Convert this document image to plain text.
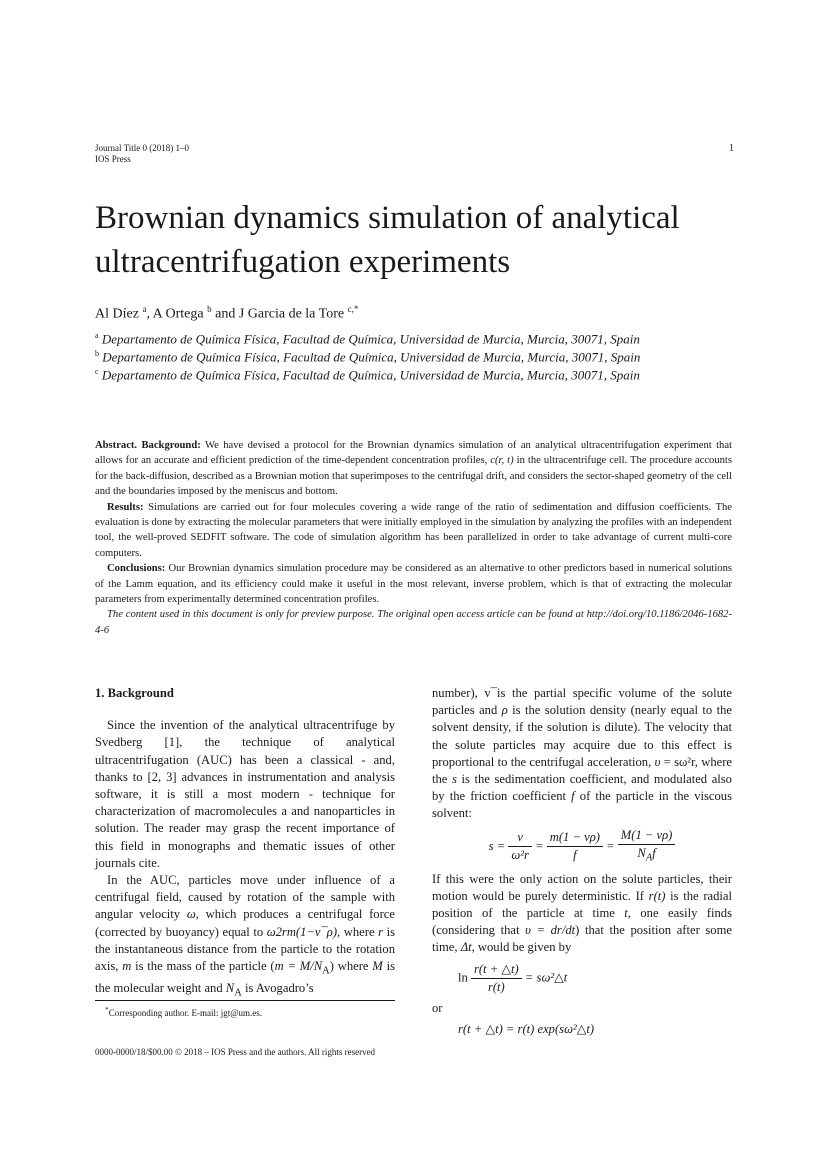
Journal Title 0 (2018) 1–0
IOS Press
1
Brownian dynamics simulation of analytical ultracentrifugation experiments
Al Díez $^a$, A Ortega $^b$ and J Garcia de la Tore $^{c,*}$
$^a$ Departamento de Química Física, Facultad de Química, Universidad de Murcia, Murcia, 30071, Spain
$^b$ Departamento de Química Física, Facultad de Química, Universidad de Murcia, Murcia, 30071, Spain
$^c$ Departamento de Química Física, Facultad de Química, Universidad de Murcia, Murcia, 30071, Spain

Abstract. Background: We have devised a protocol for the Brownian dynamics simulation of an analytical ultracentrifugation experiment that allows for an accurate and efficient prediction of the time-dependent concentration profiles, c(r, t) in the ultracentrifuge cell. The procedure accounts for the back-diffusion, described as a Brownian motion that superimposes to the centrifugal drift, and considers the sector-shaped geometry of the cell and the boundaries imposed by the meniscus and bottom.

Results: Simulations are carried out for four molecules covering a wide range of the ratio of sedimentation and diffusion coefficients. The evaluation is done by extracting the molecular parameters that were initially employed in the simulation by analyzing the profiles with an independent tool, the well-proved SEDFIT software. The code of simulation algorithm has been parallelized in order to take advantage of current multi-core computers.

Conclusions: Our Brownian dynamics simulation procedure may be considered as an alternative to other predictors based in numerical solutions of the Lamm equation, and its efficiency could make it useful in the most relevant, inverse problem, which is that of extracting the molecular parameters from experimentally determined concentration profiles.

The content used in this document is only for preview purpose. The original open access article can be found at http://doi.org/10.1186/2046-1682-4-6

1. Background

Since the invention of the analytical ultracentrifuge by Svedberg [1], the technique of analytical ultracentrifugation (AUC) has been a classical - and, thanks to [2, 3] advances in instrumentation and analysis software, it is still a most modern - technique for characterization of macromolecules a and nanoparticles in solution. The reader may grasp the recent importance of this field in monographs and thematic issues of other journals cite.

In the AUC, particles move under influence of a centrifugal field, caused by rotation of the sample with angular velocity ω, which produces a centrifugal force (corrected by buoyancy) equal to ω2rm(1−v¯ρ), where r is the instantaneous distance from the particle to the rotation axis, m is the mass of the particle $(m = M/N_A)$ where M is the molecular weight and $N_A$ is Avogadro’s

number), v¯is the partial specific volume of the solute particles and ρ is the solution density (nearly equal to the solvent density, if the solution is dilute). The velocity that the solute particles may acquire due to this effect is proportional to the centrifugal acceleration, υ = sω²r, where the s is the sedimentation coefficient, and modulated also by the friction coefficient f of the particle in the viscous solvent:

$s = \frac{\nu}{\text{ω²r}} = \frac{m(1 - v\rho)}{f} = \frac{M(1 - v\rho)}{N_Af}$

If this were the only action on the solute particles, their motion would be purely deterministic. If r(t) is the radial position of the particle at time t, one easily finds (considering that υ = dr/dt) that the position after some time, Δt, would be given by

$\ln \frac{r(t + \triangle t)}{r(t)}$ = sω²△t

or

r(t + △t) = r(t) exp(sω²△t)
*Corresponding author. E-mail: jgt@um.es.
0000-0000/18/$00.00 © 2018 – IOS Press and the authors. All rights reserved
